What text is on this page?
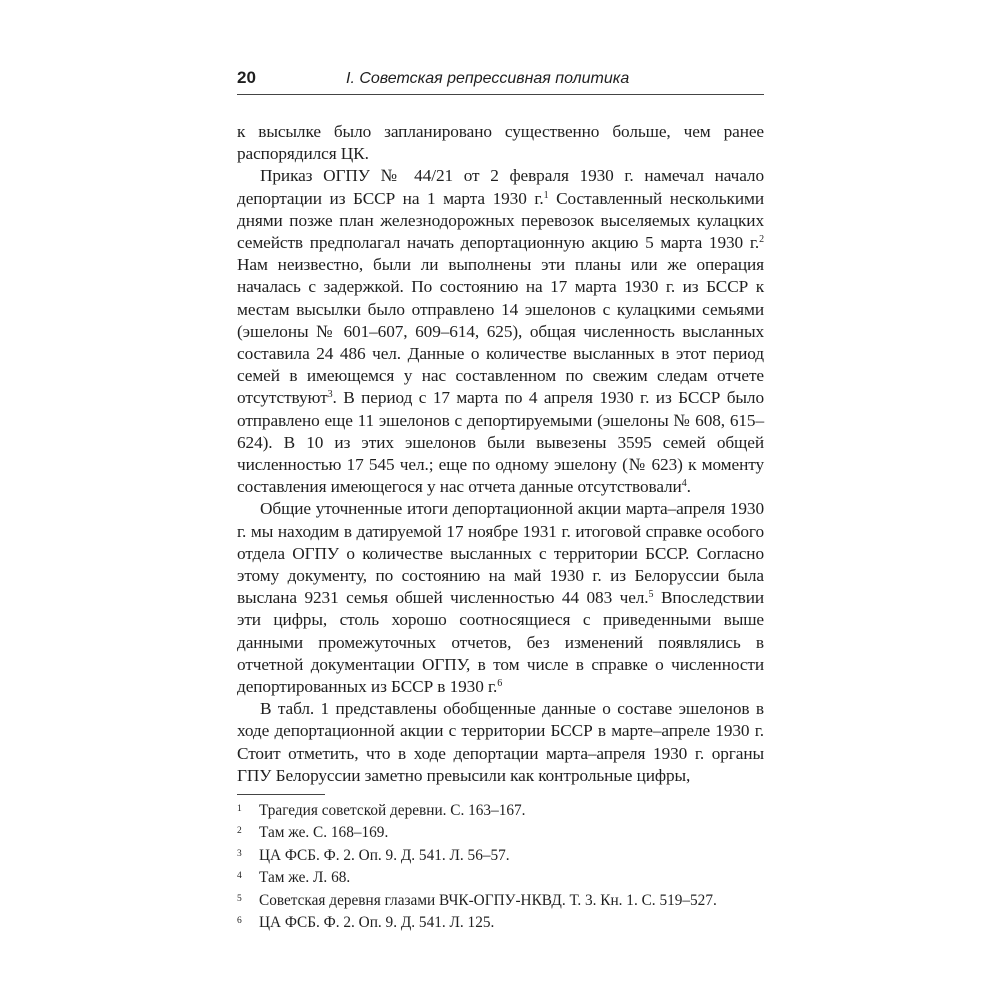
20	I. Советская репрессивная политика

к высылке было запланировано существенно больше, чем ранее распорядился ЦК.

Приказ ОГПУ № 44/21 от 2 февраля 1930 г. намечал начало депортации из БССР на 1 марта 1930 г.$^1$ Составленный несколькими днями позже план железнодорожных перевозок выселяемых кулацких семейств предполагал начать депортационную акцию 5 марта 1930 г.$^2$ Нам неизвестно, были ли выполнены эти планы или же операция началась с задержкой. По состоянию на 17 марта 1930 г. из БССР к местам высылки было отправлено 14 эшелонов с кулацкими семьями (эшелоны № 601–607, 609–614, 625), общая численность высланных составила 24 486 чел. Данные о количестве высланных в этот период семей в имеющемся у нас составленном по свежим следам отчете отсутствуют$^3$. В период с 17 марта по 4 апреля 1930 г. из БССР было отправлено еще 11 эшелонов с депортируемыми (эшелоны № 608, 615–624). В 10 из этих эшелонов были вывезены 3595 семей общей численностью 17 545 чел.; еще по одному эшелону (№ 623) к моменту составления имеющегося у нас отчета данные отсутствовали$^4$.

Общие уточненные итоги депортационной акции марта–апреля 1930 г. мы находим в датируемой 17 ноябре 1931 г. итоговой справке особого отдела ОГПУ о количестве высланных с территории БССР. Согласно этому документу, по состоянию на май 1930 г. из Белоруссии была выслана 9231 семья обшей численностью 44 083 чел.$^5$ Впоследствии эти цифры, столь хорошо соотносящиеся с приведенными выше данными промежуточных отчетов, без изменений появлялись в отчетной документации ОГПУ, в том числе в справке о численности депортированных из БССР в 1930 г.$^6$

В табл. 1 представлены обобщенные данные о составе эшелонов в ходе депортационной акции с территории БССР в марте–апреле 1930 г. Стоит отметить, что в ходе депортации марта–апреля 1930 г. органы ГПУ Белоруссии заметно превысили как контрольные цифры,

1 Трагедия советской деревни. С. 163–167.
2 Там же. С. 168–169.
3 ЦА ФСБ. Ф. 2. Оп. 9. Д. 541. Л. 56–57.
4 Там же. Л. 68.
5 Советская деревня глазами ВЧК-ОГПУ-НКВД. Т. 3. Кн. 1. С. 519–527.
6 ЦА ФСБ. Ф. 2. Оп. 9. Д. 541. Л. 125.
